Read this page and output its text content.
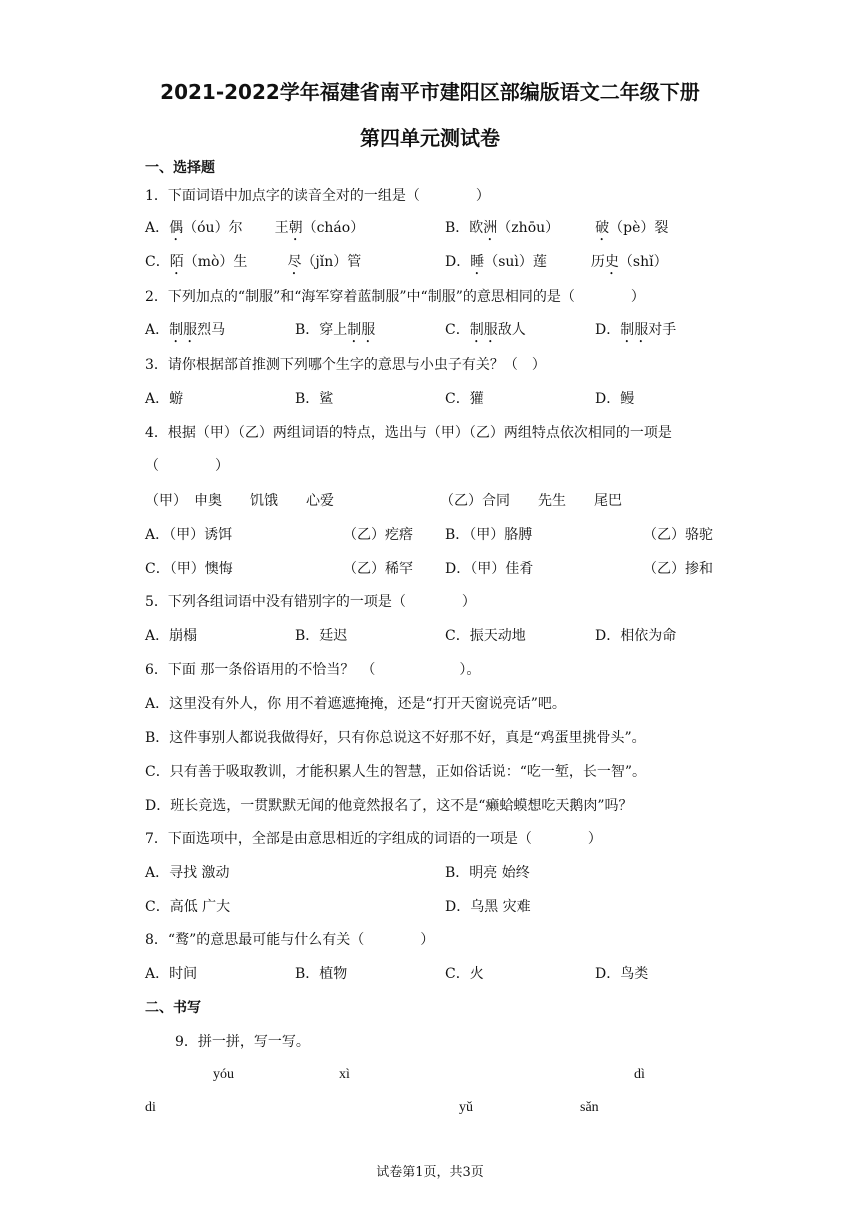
2021-2022学年福建省南平市建阳区部编版语文二年级下册
第四单元测试卷
一、选择题
1．下面词语中加点字的读音全对的一组是（　　　　）
A．偶（óu）尔 王朝（cháo）	B．欧洲（zhōu）	破（pè）裂
C．陌（mò）生	尽（jǐn）管	D．睡（suì）莲	历史（shǐ）
2．下列加点的“制服”和“海军穿着蓝制服”中“制服”的意思相同的是（　　　　）
A．制服烈马	B．穿上制服	C．制服敌人	D．制服对手
3．请你根据部首推测下列哪个生字的意思与小虫子有关？（　）
A．蝣	B．鲨	C．獾	D．鳗
4．根据（甲）（乙）两组词语的特点，选出与（甲）（乙）两组特点依次相同的一项是
（　　　　）
（甲）　申奥　　饥饿　　心爱	（乙）合同　　先生　　尾巴
A．（甲）诱饵	（乙）疙瘩 B．（甲）胳膊	（乙）骆驼
C．（甲）懊悔	（乙）稀罕 D．（甲）佳肴	（乙）掺和
5．下列各组词语中没有错别字的一项是（　　　　）
A．崩榻	B．廷迟	C．振天动地	D．相依为命
6．下面 那一条俗语用的不恰当？　（　　　　　　）。
A．这里没有外人，你 用不着遮遮掩掩，还是“打开天窗说亮话”吧。
B．这件事别人都说我做得好，只有你总说这不好那不好，真是“鸡蛋里挑骨头”。
C．只有善于吸取教训，才能积累人生的智慧，正如俗话说：“吃一堑，长一智”。
D．班长竞选，一贯默默无闻的他竟然报名了，这不是“癞蛤蟆想吃天鹅肉”吗？
7．下面选项中，全部是由意思相近的字组成的词语的一项是（　　　　）
A．寻找 激动	B．明亮 始终
C．高低 广大	D．乌黑 灾难
8．“鹜”的意思最可能与什么有关（　　　　）
A．时间	B．植物	C．火	D．鸟类
二、书写
9．拼一拼，写一写。
yóu	xì	dì
di	yǔ	sǎn
试卷第1页，共3页
